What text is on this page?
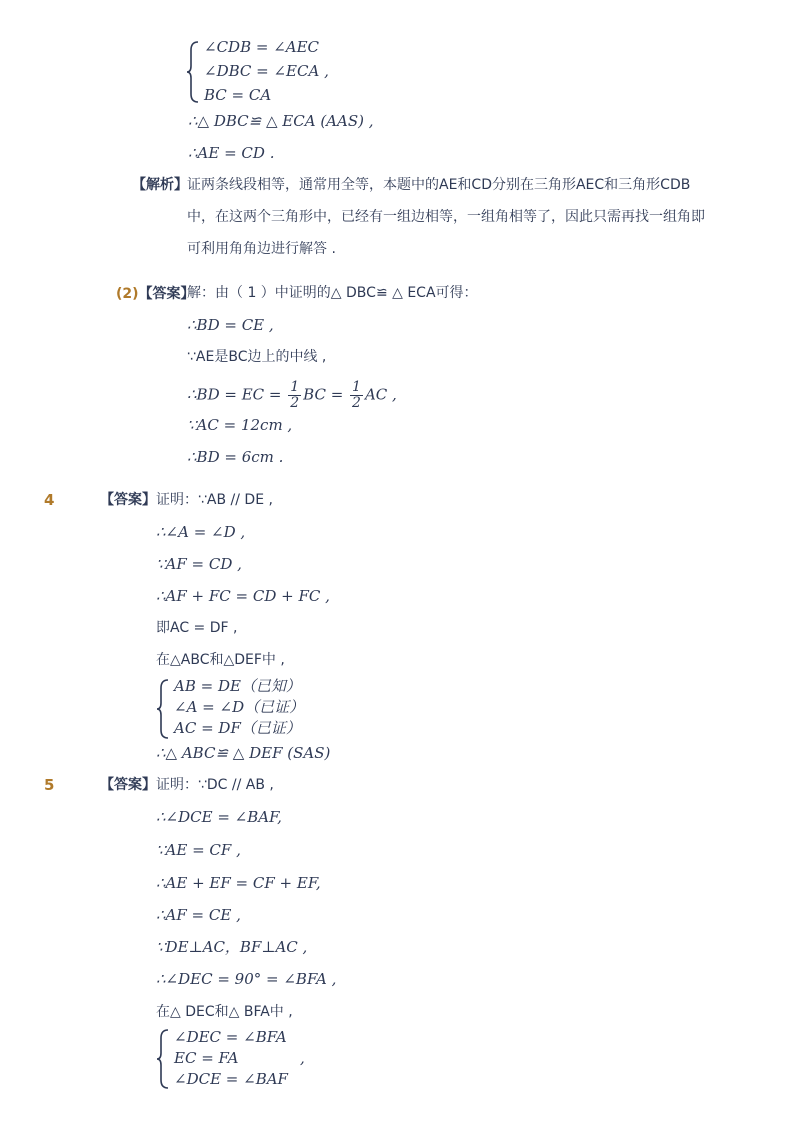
∠CDB = ∠AEC
∠DBC = ∠ECA ,
BC = CA
∴△ DBC≌ △ ECA (AAS) ,
∴AE = CD .
【解析】 证两条线段相等，通常用全等，本题中的AE和CD分别在三角形AEC和三角形CDB
中，在这两个三角形中，已经有一组边相等，一组角相等了，因此只需再找一组角即
可利用角角边进行解答 .
(2)【答案】
解：由（ 1 ）中证明的△ DBC≌ △ ECA可得：
∴BD = CE ,
∵AE是BC边上的中线 ,
∴BD = EC = $\frac{1}{2}$ BC = $\frac{1}{2}$ AC ,
∵AC = 12cm ,
∴BD = 6cm .
4	【答案】 证明：∵AB // DE ,
∴∠A = ∠D ,
∵AF = CD ,
∴AF + FC = CD + FC ,
即AC = DF ,
在△ABC和△DEF中 ,
AB = DE（已知）
∠A = ∠D（已证）
AC = DF（已证）
∴△ ABC≌ △ DEF (SAS)
5	【答案】 证明：∵DC // AB ,
∴∠DCE = ∠BAF,
∵AE = CF ,
∴AE + EF = CF + EF,
∴AF = CE ,
∵DE⊥AC，BF⊥AC ,
∴∠DEC = 90° = ∠BFA ,
在△ DEC和△ BFA中 ,
∠DEC = ∠BFA
EC = FA	,
∠DCE = ∠BAF
